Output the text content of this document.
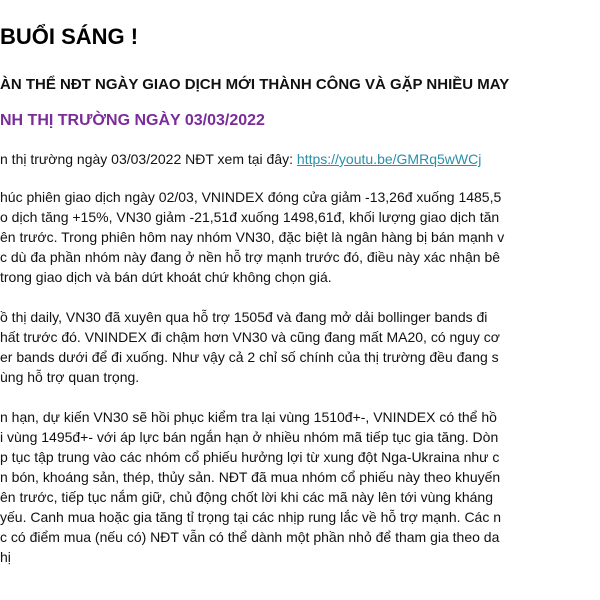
BUỔI SÁNG !
ÀN THỂ NĐT NGÀY GIAO DỊCH MỚI THÀNH CÔNG VÀ GẶP NHIỀU MAY
NH THỊ TRƯỜNG NGÀY 03/03/2022
n thị trường ngày 03/03/2022 NĐT xem tại đây: https://youtu.be/GMRq5wWCj
húc phiên giao dịch ngày 02/03, VNINDEX đóng cửa giảm -13,26đ xuống 1485,5
o dịch tăng +15%, VN30 giảm -21,51đ xuống 1498,61đ, khối lượng giao dịch tăn
ên trước. Trong phiên hôm nay nhóm VN30, đặc biệt là ngân hàng bị bán mạnh v
c dù đa phần nhóm này đang ở nền hỗ trợ mạnh trước đó, điều này xác nhận bê
trong giao dịch và bán dứt khoát chứ không chọn giá.
ồ thị daily, VN30 đã xuyên qua hỗ trợ 1505đ và đang mở dải bollinger bands đi
hất trước đó. VNINDEX đi chậm hơn VN30 và cũng đang mất MA20, có nguy cơ
er bands dưới để đi xuống. Như vậy cả 2 chỉ số chính của thị trường đều đang s
ùng hỗ trợ quan trọng.
n hạn, dự kiến VN30 sẽ hồi phục kiểm tra lại vùng 1510đ+-, VNINDEX có thể hồ
i vùng 1495đ+- với áp lực bán ngắn hạn ở nhiều nhóm mã tiếp tục gia tăng. Dòn
p tục tập trung vào các nhóm cổ phiếu hưởng lợi từ xung đột Nga-Ukraina như c
n bón, khoáng sản, thép, thủy sản. NĐT đã mua nhóm cổ phiếu này theo khuyến
ên trước, tiếp tục nắm giữ, chủ động chốt lời khi các mã này lên tới vùng kháng
yếu. Canh mua hoặc gia tăng tỉ trọng tại các nhịp rung lắc về hỗ trợ mạnh. Các n
c có điểm mua (nếu có) NĐT vẫn có thể dành một phần nhỏ để tham gia theo da
hị
